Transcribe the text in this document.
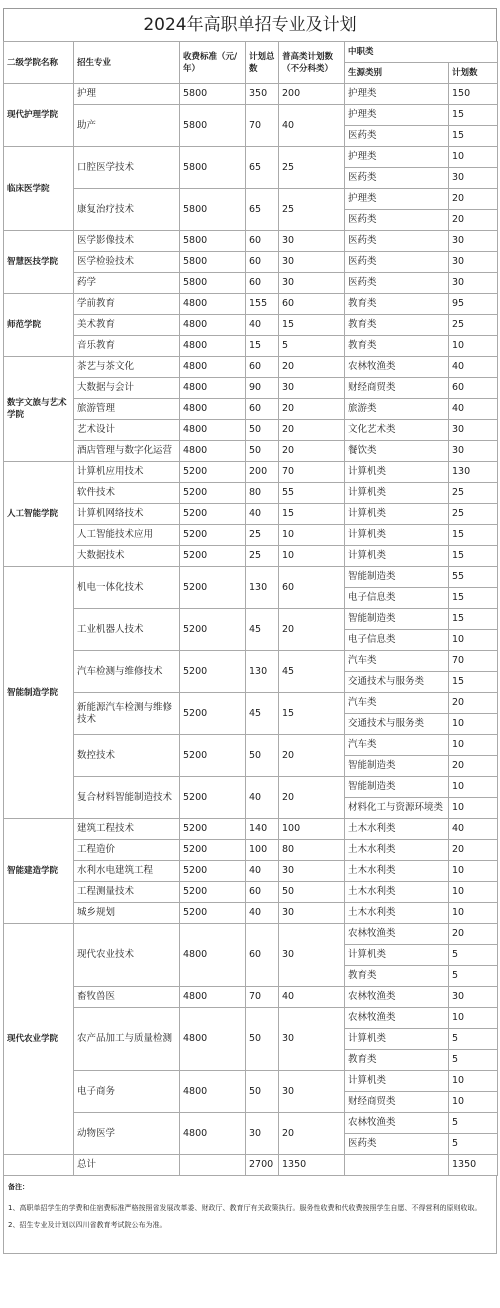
2024年高职单招专业及计划
二级学院名称	招生专业	收费标准（元/年）	计划总数	普高类计划数（不分科类）	中职类	
					生源类别	计划数
现代护理学院	护理	5800	350	200	护理类	150
	助产	5800	70	40	护理类	15
					医药类	15
临床医学院	口腔医学技术	5800	65	25	护理类	10
					医药类	30
	康复治疗技术	5800	65	25	护理类	20
					医药类	20
智慧医技学院	医学影像技术	5800	60	30	医药类	30
	医学检验技术	5800	60	30	医药类	30
	药学	5800	60	30	医药类	30
师范学院	学前教育	4800	155	60	教育类	95
	美术教育	4800	40	15	教育类	25
	音乐教育	4800	15	5	教育类	10
数字文旅与艺术学院	茶艺与茶文化	4800	60	20	农林牧渔类	40
	大数据与会计	4800	90	30	财经商贸类	60
	旅游管理	4800	60	20	旅游类	40
	艺术设计	4800	50	20	文化艺术类	30
	酒店管理与数字化运营	4800	50	20	餐饮类	30
人工智能学院	计算机应用技术	5200	200	70	计算机类	130
	软件技术	5200	80	55	计算机类	25
	计算机网络技术	5200	40	15	计算机类	25
	人工智能技术应用	5200	25	10	计算机类	15
	大数据技术	5200	25	10	计算机类	15
智能制造学院	机电一体化技术	5200	130	60	智能制造类	55
					电子信息类	15
	工业机器人技术	5200	45	20	智能制造类	15
					电子信息类	10
	汽车检测与维修技术	5200	130	45	汽车类	70
					交通技术与服务类	15
	新能源汽车检测与维修技术	5200	45	15	汽车类	20
					交通技术与服务类	10
	数控技术	5200	50	20	汽车类	10
					智能制造类	20
	复合材料智能制造技术	5200	40	20	智能制造类	10
					材料化工与资源环境类	10
智能建造学院	建筑工程技术	5200	140	100	土木水利类	40
	工程造价	5200	100	80	土木水利类	20
	水利水电建筑工程	5200	40	30	土木水利类	10
	工程测量技术	5200	60	50	土木水利类	10
	城乡规划	5200	40	30	土木水利类	10
现代农业学院	现代农业技术	4800	60	30	农林牧渔类	20
					计算机类	5
					教育类	5
	畜牧兽医	4800	70	40	农林牧渔类	30
	农产品加工与质量检测	4800	50	30	农林牧渔类	10
					计算机类	5
					教育类	5
	电子商务	4800	50	30	计算机类	10
					财经商贸类	10
	动物医学	4800	30	20	农林牧渔类	5
					医药类	5
	总计		2700	1350		1350
备注：
1、高职单招学生的学费和住宿费标准严格按照省发展改革委、财政厅、教育厅有关政策执行。服务性收费和代收费按照学生自愿、不得营利的原则收取。
2、招生专业及计划以四川省教育考试院公布为准。
